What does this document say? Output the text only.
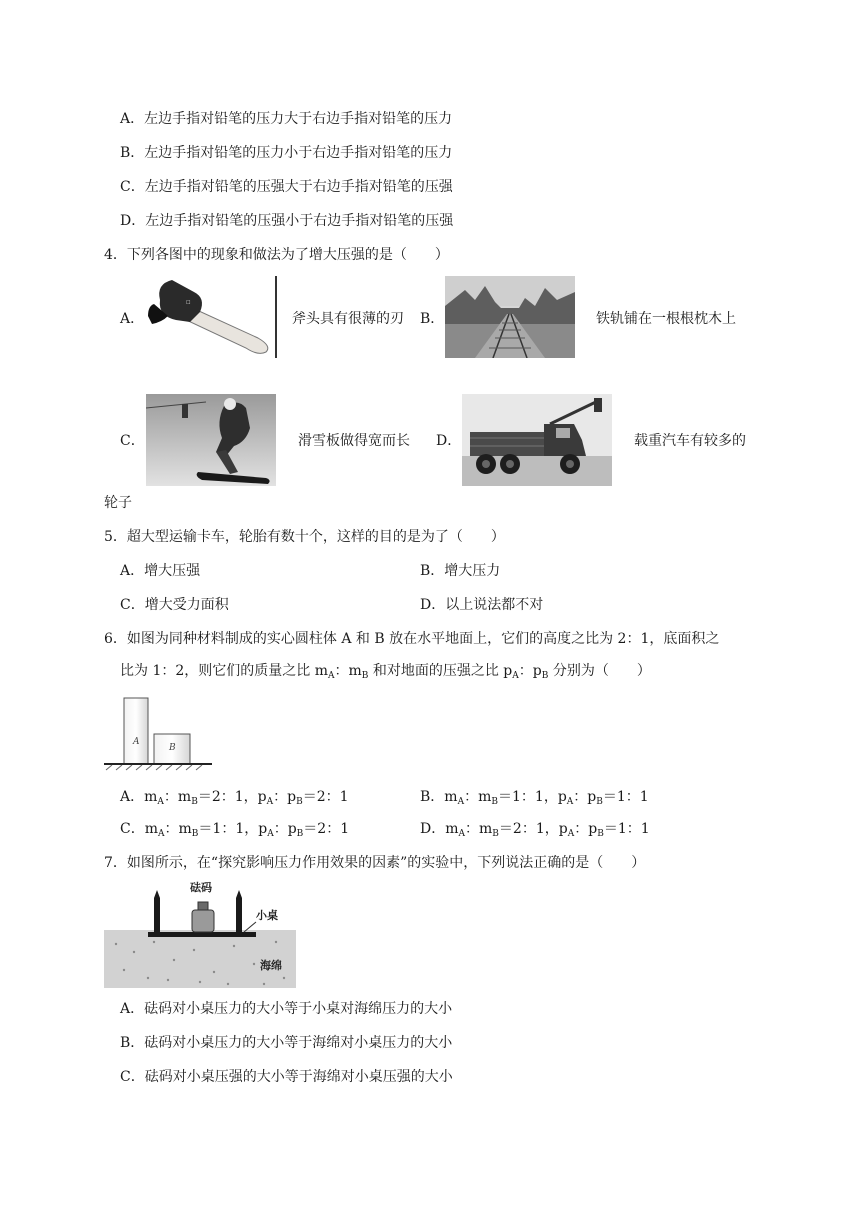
A．左边手指对铅笔的压力大于右边手指对铅笔的压力
B．左边手指对铅笔的压力小于右边手指对铅笔的压力
C．左边手指对铅笔的压强大于右边手指对铅笔的压强
D．左边手指对铅笔的压强小于右边手指对铅笔的压强
4．下列各图中的现象和做法为了增大压强的是（　　）
A．
☐
斧头具有很薄的刃 B．	铁轨铺在一根根枕木上
C．	滑雪板做得宽而长 D．	载重汽车有较多的
轮子
5．超大型运输卡车，轮胎有数十个，这样的目的是为了（　　）
A．增大压强	B．增大压力
C．增大受力面积	D．以上说法都不对
6．如图为同种材料制成的实心圆柱体 A 和 B 放在水平地面上，它们的高度之比为 2：1，底面积之
比为 1：2，则它们的质量之比 $m_A$：$m_B$ 和对地面的压强之比 $p_A$：$p_B$ 分别为（　　）
A
B
A．$m_A$：$m_B=2$：1，$p_A$：$p_B=2$：1	B．$m_A$：$m_B=1$：1，$p_A$：$p_B=1$：1
C．$m_A$：$m_B=1$：1，$p_A$：$p_B=2$：1	D．$m_A$：$m_B=2$：1，$p_A$：$p_B=1$：1
7．如图所示，在“探究影响压力作用效果的因素”的实验中，下列说法正确的是（　　）
砝码
小桌
海绵
A．砝码对小桌压力的大小等于小桌对海绵压力的大小
B．砝码对小桌压力的大小等于海绵对小桌压力的大小
C．砝码对小桌压强的大小等于海绵对小桌压强的大小
